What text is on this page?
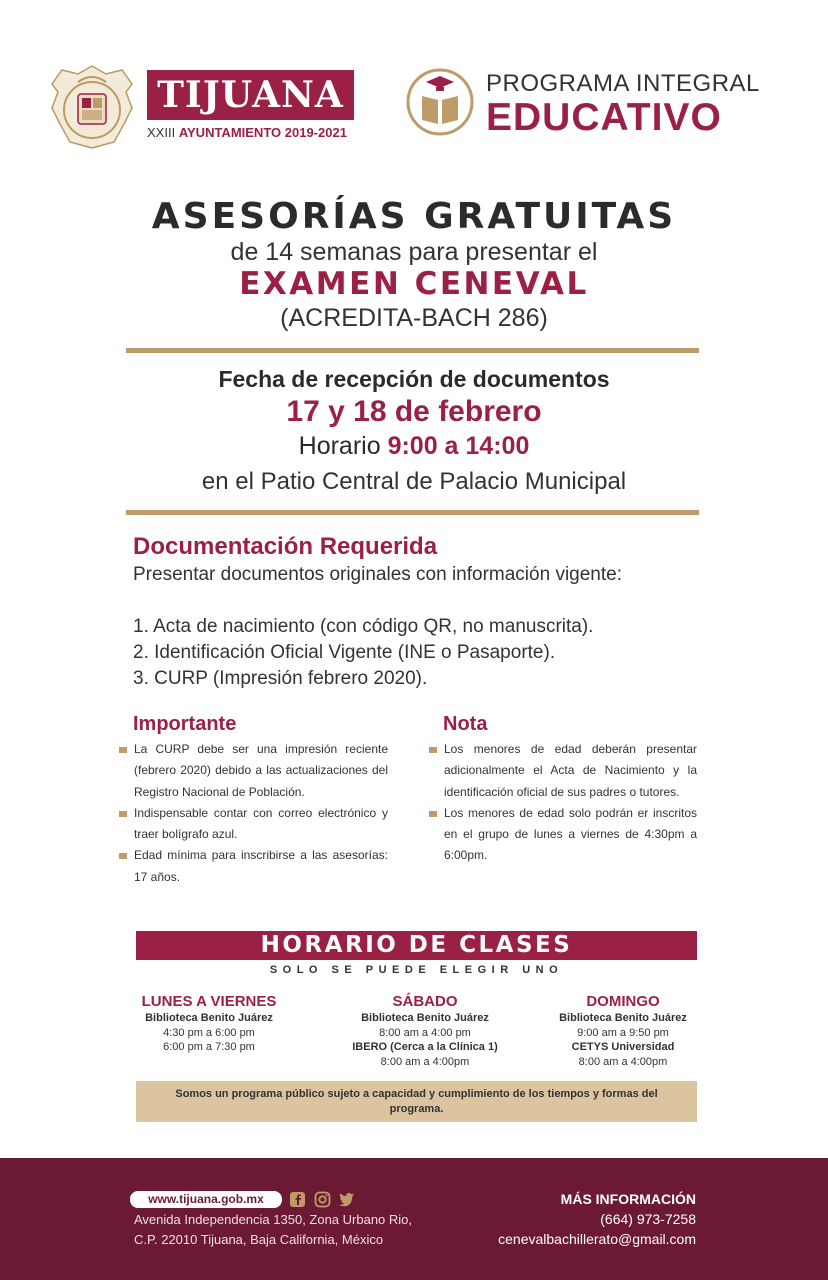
TIJUANA
XXIII AYUNTAMIENTO 2019-2021
PROGRAMA INTEGRAL
EDUCATIVO
ASESORÍAS GRATUITAS
de 14 semanas para presentar el
EXAMEN CENEVAL
(ACREDITA-BACH 286)
Fecha de recepción de documentos
17 y 18 de febrero
Horario 9:00 a 14:00
en el Patio Central de Palacio Municipal
Documentación Requerida
Presentar documentos originales con información vigente:
1. Acta de nacimiento (con código QR, no manuscrita).
2. Identificación Oficial Vigente (INE o Pasaporte).
3. CURP (Impresión febrero 2020).
Importante
La CURP debe ser una impresión reciente (febrero 2020) debido a las actualizaciones del Registro Nacional de Población.
Indispensable contar con correo electrónico y traer bolígrafo azul.
Edad mínima para inscribirse a las asesorías: 17 años.
Nota
Los menores de edad deberán presentar adicionalmente el Acta de Nacimiento y la identificación oficial de sus padres o tutores.
Los menores de edad solo podrán er inscritos en el grupo de lunes a viernes de 4:30pm a 6:00pm.
HORARIO DE CLASES
SOLO SE PUEDE ELEGIR UNO
LUNES A VIERNES
Biblioteca Benito Juárez
4:30 pm a 6:00 pm
6:00 pm a 7:30 pm
SÁBADO
Biblioteca Benito Juárez
8:00 am a 4:00 pm
IBERO (Cerca a la Clínica 1)
8:00 am a 4:00pm
DOMINGO
Biblioteca Benito Juárez
9:00 am a 9:50 pm
CETYS Universidad
8:00 am a 4:00pm
Somos un programa público sujeto a capacidad y cumplimiento de los tiempos y formas del programa.
www.tijuana.gob.mx
Avenida Independencia 1350, Zona Urbano Rio,
C.P. 22010 Tijuana, Baja California, México
MÁS INFORMACIÓN
(664) 973-7258
cenevalbachillerato@gmail.com
